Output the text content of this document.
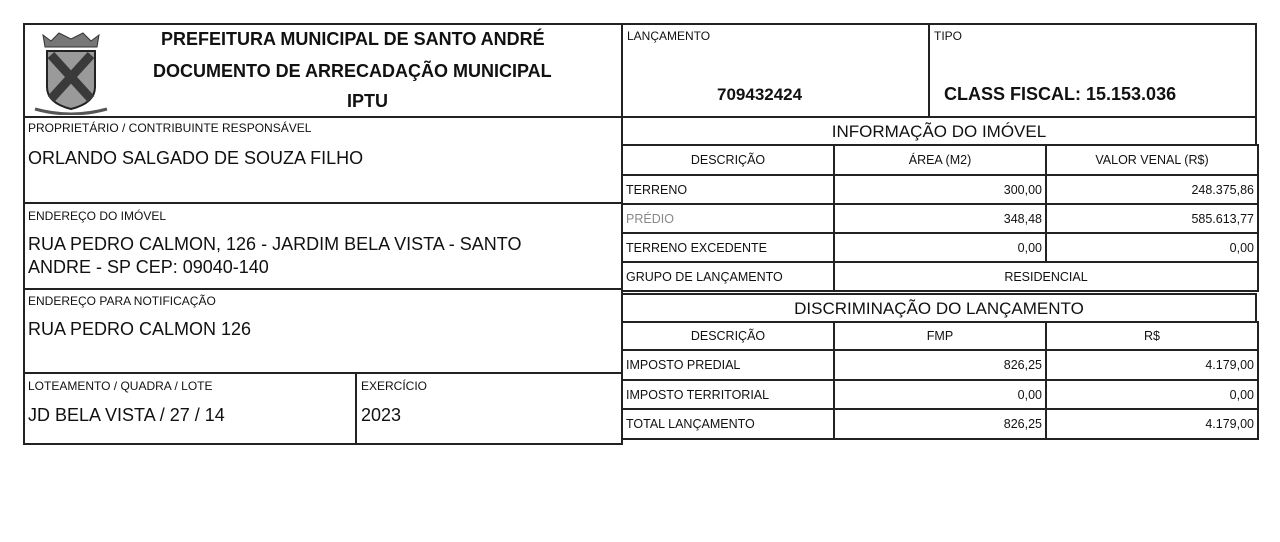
PREFEITURA MUNICIPAL DE SANTO ANDRÉ
DOCUMENTO DE ARRECADAÇÃO MUNICIPAL
IPTU
LANÇAMENTO
709432424
TIPO
CLASS FISCAL: 15.153.036
PROPRIETÁRIO / CONTRIBUINTE RESPONSÁVEL
ORLANDO SALGADO DE SOUZA FILHO
ENDEREÇO DO IMÓVEL
RUA PEDRO CALMON, 126 - JARDIM BELA VISTA - SANTO
ANDRE - SP CEP: 09040-140
ENDEREÇO PARA NOTIFICAÇÃO
RUA PEDRO CALMON 126
LOTEAMENTO / QUADRA / LOTE
JD BELA VISTA / 27 / 14
EXERCÍCIO
2023
INFORMAÇÃO DO IMÓVEL
DESCRIÇÃO	ÁREA (M2)	VALOR VENAL (R$)
TERRENO	300,00	248.375,86
PRÉDIO	348,48	585.613,77
TERRENO EXCEDENTE	0,00	0,00
GRUPO DE LANÇAMENTO	RESIDENCIAL	
DISCRIMINAÇÃO DO LANÇAMENTO
DESCRIÇÃO	FMP	R$
IMPOSTO PREDIAL	826,25	4.179,00
IMPOSTO TERRITORIAL	0,00	0,00
TOTAL LANÇAMENTO	826,25	4.179,00
